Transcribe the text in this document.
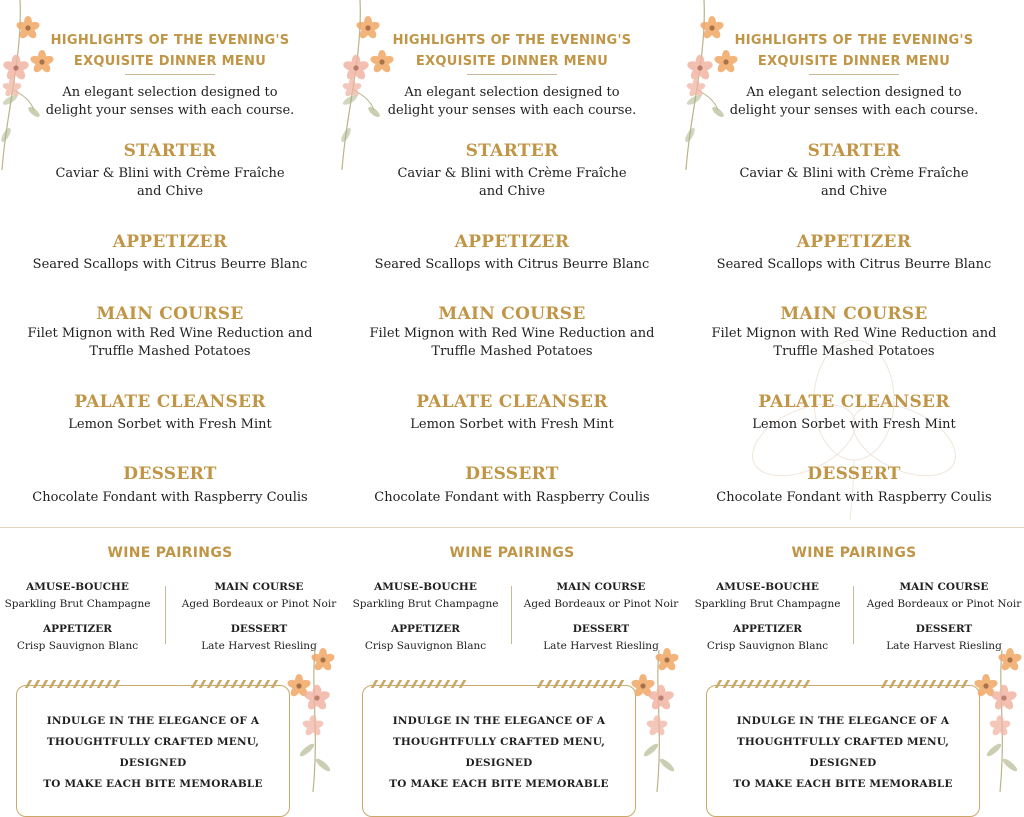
HIGHLIGHTS OF THE EVENING'S
EXQUISITE DINNER MENU
An elegant selection designed to
delight your senses with each course.
STARTER
Caviar & Blini with Crème Fraîche
and Chive
APPETIZER
Seared Scallops with Citrus Beurre Blanc
MAIN COURSE
Filet Mignon with Red Wine Reduction and
Truffle Mashed Potatoes
PALATE CLEANSER
Lemon Sorbet with Fresh Mint
DESSERT
Chocolate Fondant with Raspberry Coulis
WINE PAIRINGS
AMUSE-BOUCHE
Sparkling Brut Champagne
MAIN COURSE
Aged Bordeaux or Pinot Noir
APPETIZER
Crisp Sauvignon Blanc
DESSERT
Late Harvest Riesling
INDULGE IN THE ELEGANCE OF A
THOUGHTFULLY CRAFTED MENU, DESIGNED
TO MAKE EACH BITE MEMORABLE
HIGHLIGHTS OF THE EVENING'S
EXQUISITE DINNER MENU
An elegant selection designed to
delight your senses with each course.
STARTER
Caviar & Blini with Crème Fraîche
and Chive
APPETIZER
Seared Scallops with Citrus Beurre Blanc
MAIN COURSE
Filet Mignon with Red Wine Reduction and
Truffle Mashed Potatoes
PALATE CLEANSER
Lemon Sorbet with Fresh Mint
DESSERT
Chocolate Fondant with Raspberry Coulis
WINE PAIRINGS
AMUSE-BOUCHE
Sparkling Brut Champagne
MAIN COURSE
Aged Bordeaux or Pinot Noir
APPETIZER
Crisp Sauvignon Blanc
DESSERT
Late Harvest Riesling
INDULGE IN THE ELEGANCE OF A
THOUGHTFULLY CRAFTED MENU, DESIGNED
TO MAKE EACH BITE MEMORABLE
HIGHLIGHTS OF THE EVENING'S
EXQUISITE DINNER MENU
An elegant selection designed to
delight your senses with each course.
STARTER
Caviar & Blini with Crème Fraîche
and Chive
APPETIZER
Seared Scallops with Citrus Beurre Blanc
MAIN COURSE
Filet Mignon with Red Wine Reduction and
Truffle Mashed Potatoes
PALATE CLEANSER
Lemon Sorbet with Fresh Mint
DESSERT
Chocolate Fondant with Raspberry Coulis
WINE PAIRINGS
AMUSE-BOUCHE
Sparkling Brut Champagne
MAIN COURSE
Aged Bordeaux or Pinot Noir
APPETIZER
Crisp Sauvignon Blanc
DESSERT
Late Harvest Riesling
INDULGE IN THE ELEGANCE OF A
THOUGHTFULLY CRAFTED MENU, DESIGNED
TO MAKE EACH BITE MEMORABLE
